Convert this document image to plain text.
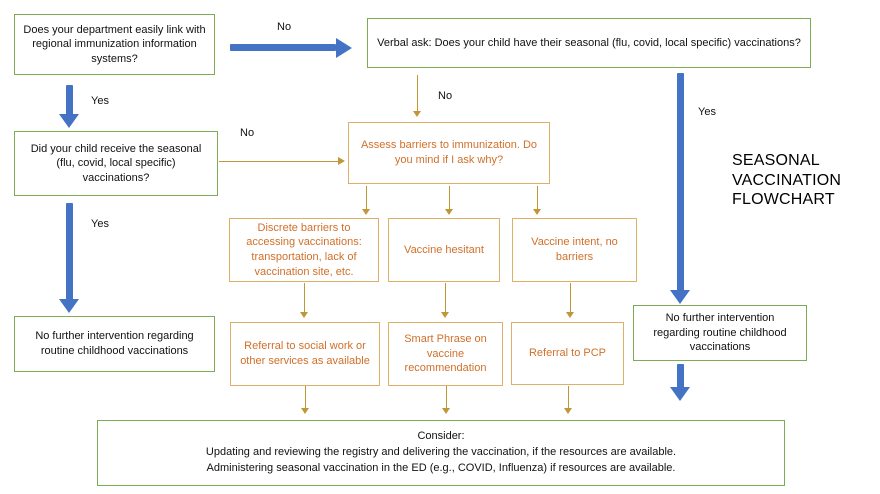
Does your department easily link with regional immunization information systems?
Verbal ask: Does your child have their seasonal (flu, covid, local specific) vaccinations?
Did your child receive the seasonal (flu, covid, local specific) vaccinations?
No further intervention regarding routine childhood vaccinations
No further intervention regarding routine childhood vaccinations
Consider:
Updating and reviewing the registry and delivering the vaccination, if the resources are available.
Administering seasonal vaccination in the ED (e.g., COVID, Influenza) if resources are available.
Assess barriers to immunization. Do you mind if I ask why?
Discrete barriers to accessing vaccinations: transportation, lack of vaccination site, etc.
Vaccine hesitant
Vaccine intent, no barriers
Referral to social work or other services as available
Smart Phrase on vaccine recommendation
Referral to PCP
No
Yes
Yes
Yes
No
No
SEASONAL VACCINATION FLOWCHART
